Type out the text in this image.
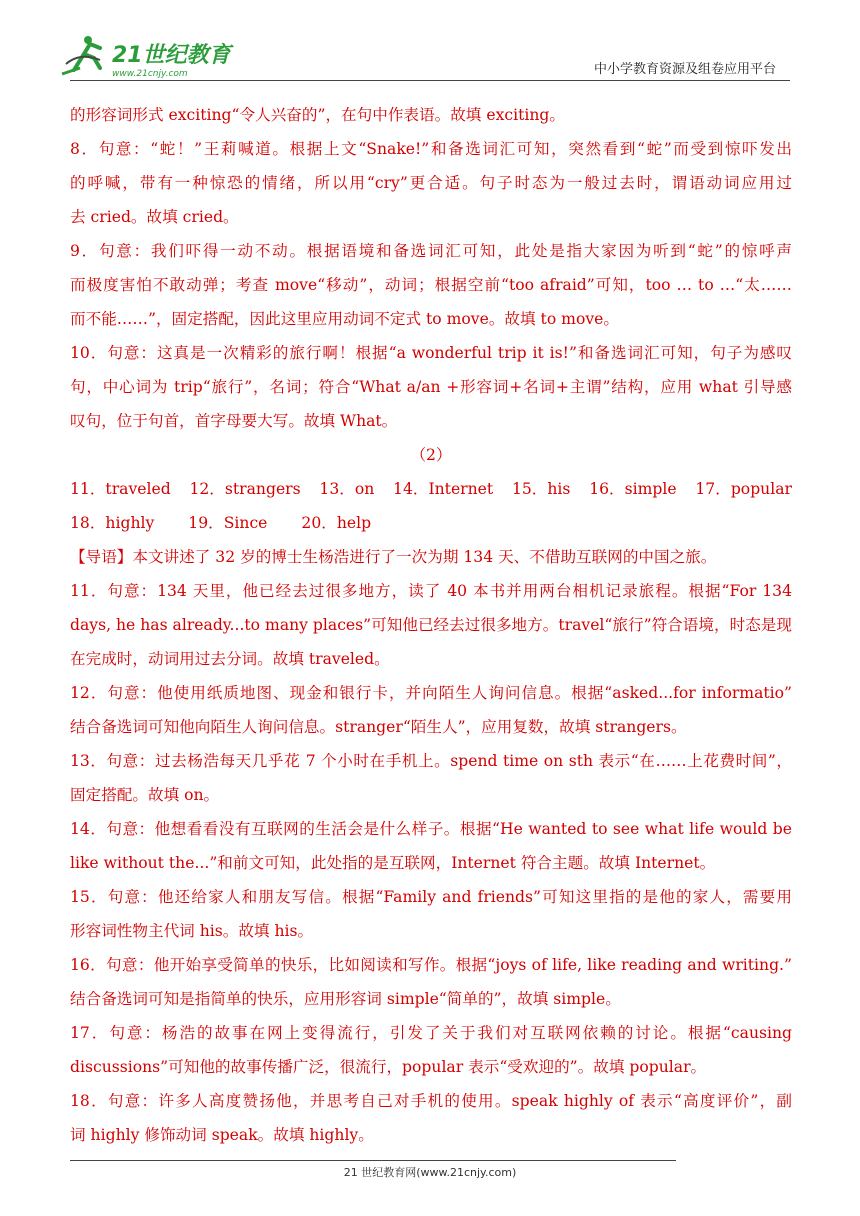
21世纪教育
www.21cnjy.com	中小学教育资源及组卷应用平台
的形容词形式 exciting“令人兴奋的”，在句中作表语。故填 exciting。
8．句意：“蛇！”王莉喊道。根据上文“Snake!”和备选词汇可知，突然看到“蛇”而受到惊吓发出
的呼喊，带有一种惊恐的情绪，所以用“cry”更合适。句子时态为一般过去时，谓语动词应用过
去 cried。故填 cried。
9．句意：我们吓得一动不动。根据语境和备选词汇可知，此处是指大家因为听到“蛇”的惊呼声
而极度害怕不敢动弹；考查 move“移动”，动词；根据空前“too afraid”可知，too … to …“太……
而不能……”，固定搭配，因此这里应用动词不定式 to move。故填 to move。
10．句意：这真是一次精彩的旅行啊！根据“a wonderful trip it is!”和备选词汇可知，句子为感叹
句，中心词为 trip“旅行”，名词；符合“What a/an +形容词+名词+主谓”结构，应用 what 引导感
叹句，位于句首，首字母要大写。故填 What。
（2）
11．traveled 12．strangers 13．on 14．Internet 15．his 16．simple 17．popular
18．highly 19．Since 20．help
【导语】本文讲述了 32 岁的博士生杨浩进行了一次为期 134 天、不借助互联网的中国之旅。
11．句意：134 天里，他已经去过很多地方，读了 40 本书并用两台相机记录旅程。根据“For 134
days, he has already...to many places”可知他已经去过很多地方。travel“旅行”符合语境，时态是现
在完成时，动词用过去分词。故填 traveled。
12．句意：他使用纸质地图、现金和银行卡，并向陌生人询问信息。根据“asked...for informatio”
结合备选词可知他向陌生人询问信息。stranger“陌生人”，应用复数，故填 strangers。
13．句意：过去杨浩每天几乎花 7 个小时在手机上。spend time on sth 表示“在……上花费时间”，
固定搭配。故填 on。
14．句意：他想看看没有互联网的生活会是什么样子。根据“He wanted to see what life would be
like without the...”和前文可知，此处指的是互联网，Internet 符合主题。故填 Internet。
15．句意：他还给家人和朋友写信。根据“Family and friends”可知这里指的是他的家人，需要用
形容词性物主代词 his。故填 his。
16．句意：他开始享受简单的快乐，比如阅读和写作。根据“joys of life, like reading and writing.”
结合备选词可知是指简单的快乐，应用形容词 simple“简单的”，故填 simple。
17．句意：杨浩的故事在网上变得流行，引发了关于我们对互联网依赖的讨论。根据“causing
discussions”可知他的故事传播广泛，很流行，popular 表示“受欢迎的”。故填 popular。
18．句意：许多人高度赞扬他，并思考自己对手机的使用。speak highly of 表示“高度评价”，副
词 highly 修饰动词 speak。故填 highly。
21 世纪教育网(www.21cnjy.com)
